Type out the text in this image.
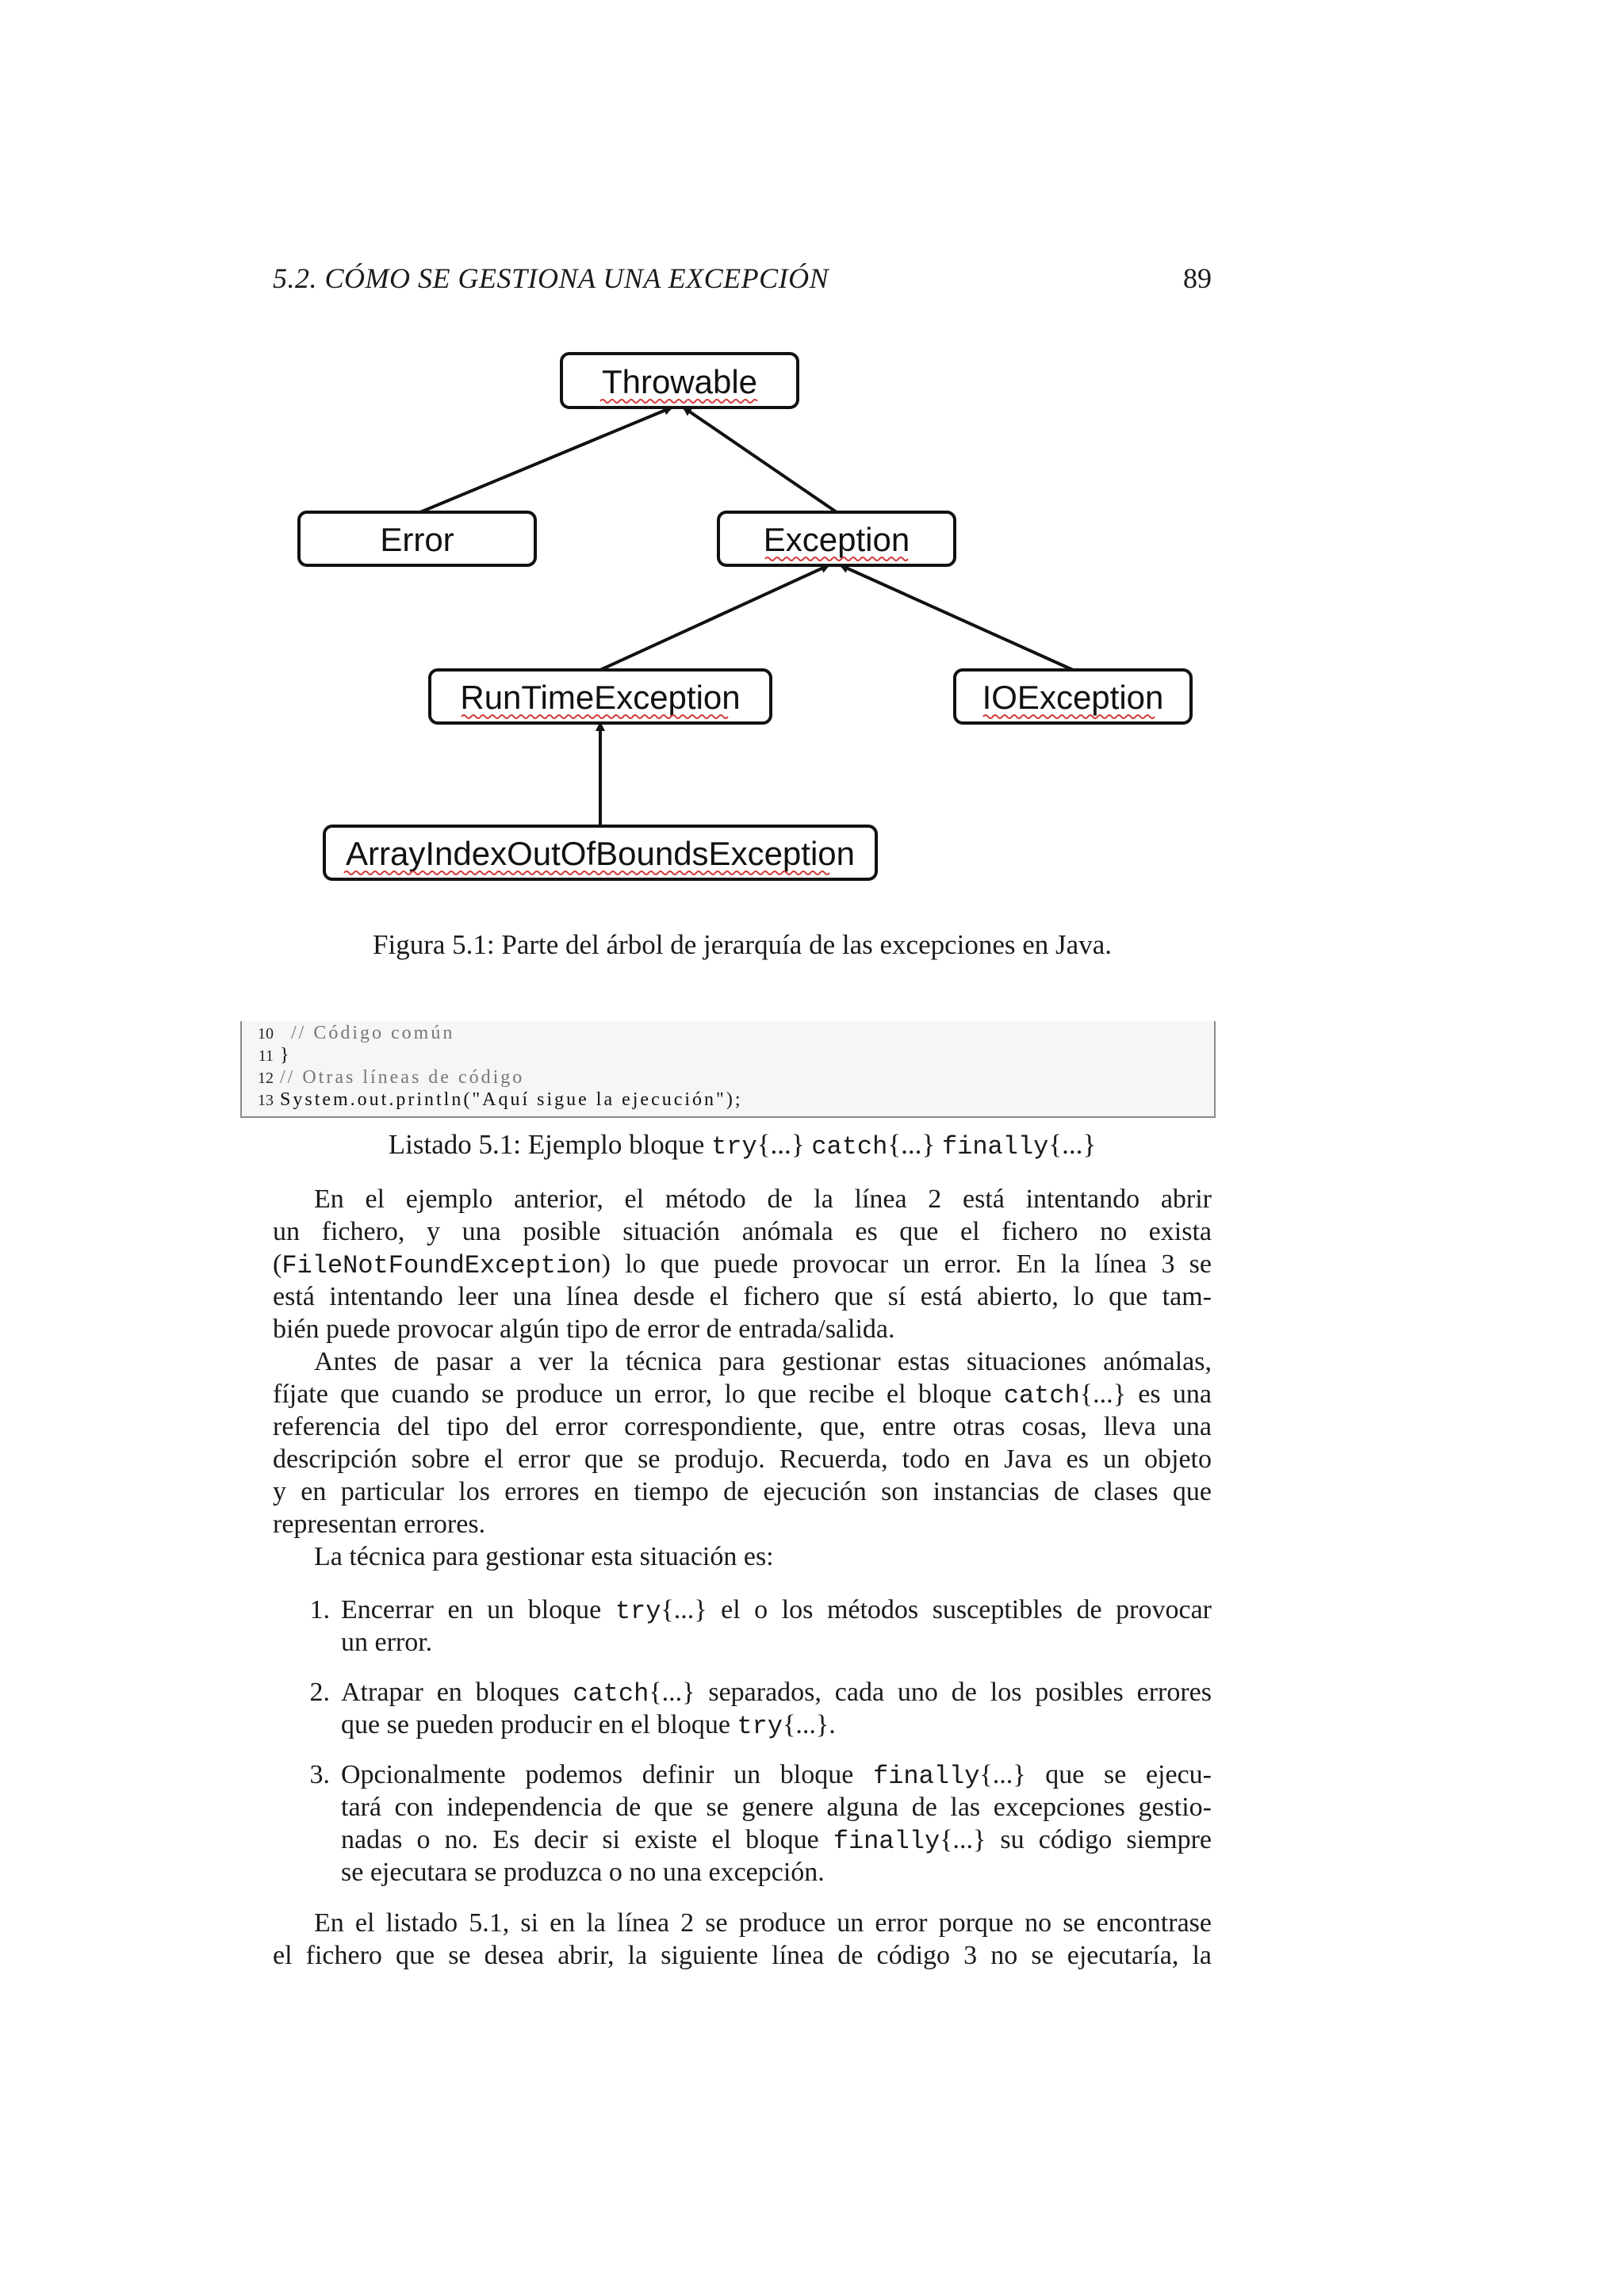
5.2. CÓMO SE GESTIONA UNA EXCEPCIÓN	89
Throwable
Error	Exception
RunTimeException	IOException
ArrayIndexOutOfBoundsException
Figura 5.1: Parte del árbol de jerarquía de las excepciones en Java.
10 // Código común
11 }
12 // Otras líneas de código
13 System.out.println("Aquí sigue la ejecución");
Listado 5.1: Ejemplo bloque try{...} catch{...} finally{...}
En el ejemplo anterior, el método de la línea 2 está intentando abrir
un fichero, y una posible situación anómala es que el fichero no exista
(FileNotFoundException) lo que puede provocar un error. En la línea 3 se
está intentando leer una línea desde el fichero que sí está abierto, lo que tam-
bién puede provocar algún tipo de error de entrada/salida.
Antes de pasar a ver la técnica para gestionar estas situaciones anómalas,
fíjate que cuando se produce un error, lo que recibe el bloque catch{...} es una
referencia del tipo del error correspondiente, que, entre otras cosas, lleva una
descripción sobre el error que se produjo. Recuerda, todo en Java es un objeto
y en particular los errores en tiempo de ejecución son instancias de clases que
representan errores.
La técnica para gestionar esta situación es:
1. Encerrar en un bloque try{...} el o los métodos susceptibles de provocar
un error.
2. Atrapar en bloques catch{...} separados, cada uno de los posibles errores
que se pueden producir en el bloque try{...}.
3. Opcionalmente podemos definir un bloque finally{...} que se ejecu-
tará con independencia de que se genere alguna de las excepciones gestio-
nadas o no. Es decir si existe el bloque finally{...} su código siempre
se ejecutara se produzca o no una excepción.
En el listado 5.1, si en la línea 2 se produce un error porque no se encontrase
el fichero que se desea abrir, la siguiente línea de código 3 no se ejecutaría, la
